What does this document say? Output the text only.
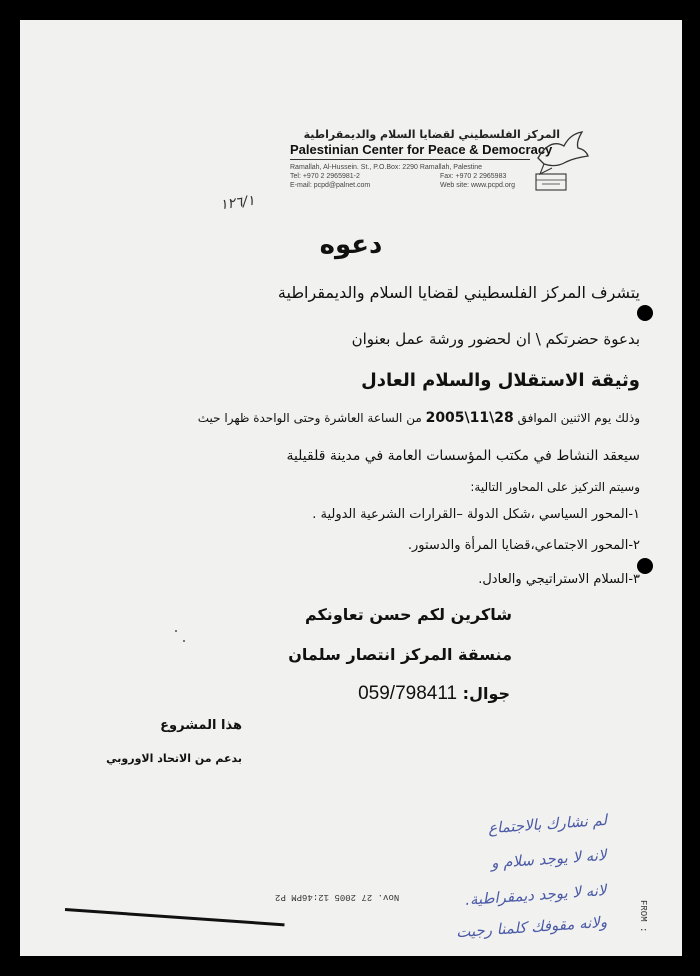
المركز الفلسطيني لقضايا السلام والديمقراطية
Palestinian Center for Peace & Democracy
Ramallah, Al-Hussein. St., P.O.Box: 2290 Ramallah, Palestine
Tel: +970 2 2965981-2	Fax: +970 2 2965983
E-mail: pcpd@palnet.com	Web site: www.pcpd.org
١٢٦/١
دعوه
يتشرف المركز الفلسطيني لقضايا السلام والديمقراطية
بدعوة حضرتكم \ ان لحضور ورشة عمل بعنوان
وثيقة الاستقلال والسلام العادل
وذلك يوم الاثنين الموافق 28\11\2005 من الساعة العاشرة وحتى الواحدة ظهرا حيث
سيعقد النشاط في مكتب المؤسسات العامة في مدينة قلقيلية
وسيتم التركيز على المحاور التالية:
١-المحور السياسي ،شكل الدولة –القرارات الشرعية الدولية .
٢-المحور الاجتماعي،قضايا المرأة والدستور.
٣-السلام الاستراتيجي والعادل.
شاكرين لكم حسن تعاونكم
منسقة المركز انتصار سلمان
جوال: 059/798411
هذا المشروع
بدعم من الاتحاد الاوروبي
لم نشارك بالاجتماع
لانه لا يوجد سلام و
لانه لا يوجد ديمقراطية.
ولانه مقوفك كلمنا رجيت
Nov. 27 2005 12:46PM P2
FROM :
